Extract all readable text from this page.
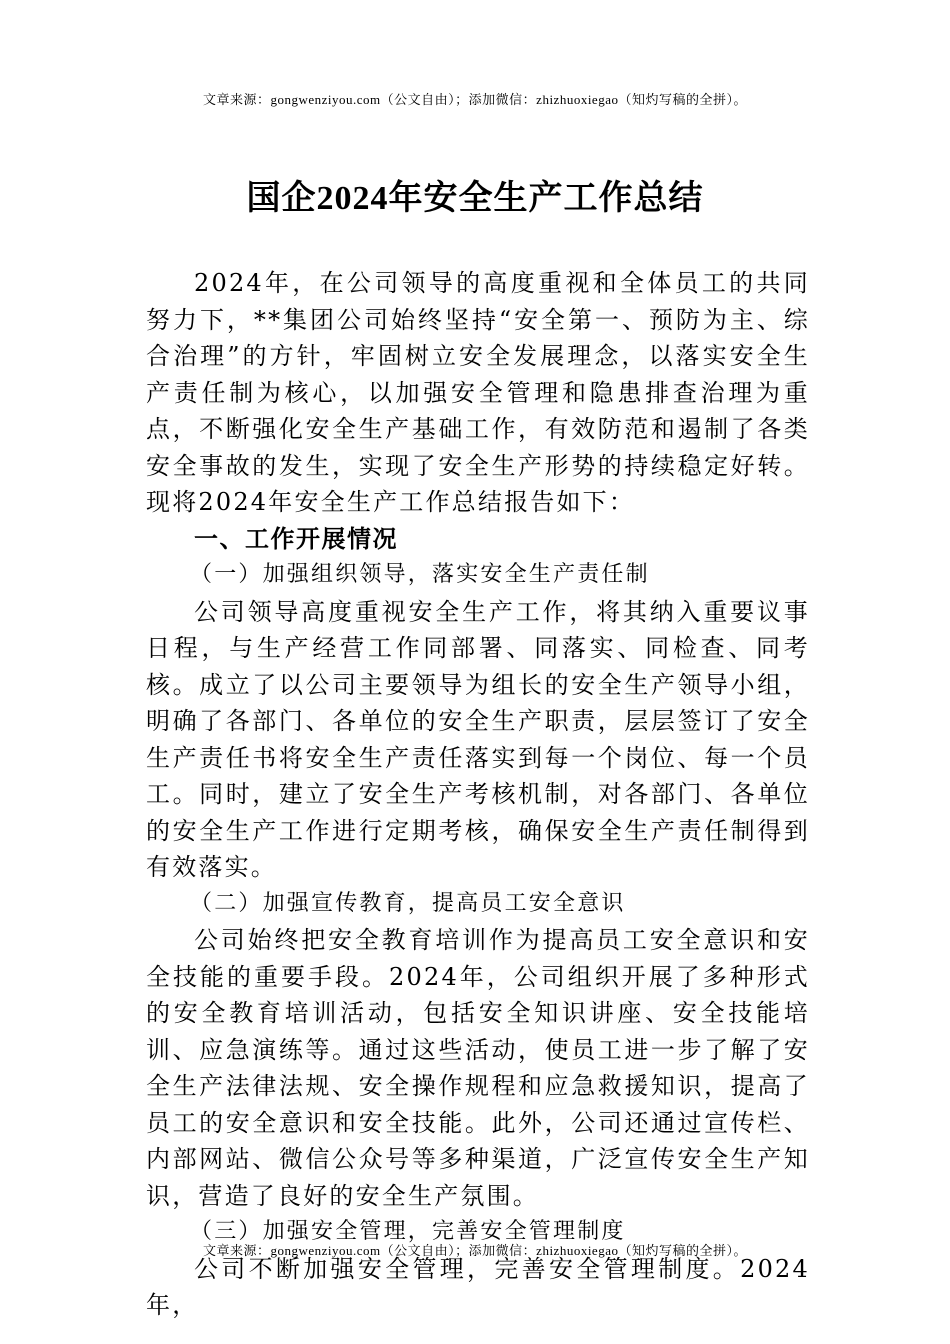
文章来源：gongwenziyou.com（公文自由）；添加微信：zhizhuoxiegao（知灼写稿的全拼）。
国企2024年安全生产工作总结

2024年，在公司领导的高度重视和全体员工的共同努力下，**集团公司始终坚持“安全第一、预防为主、综合治理”的方针，牢固树立安全发展理念，以落实安全生产责任制为核心，以加强安全管理和隐患排查治理为重点，不断强化安全生产基础工作，有效防范和遏制了各类安全事故的发生，实现了安全生产形势的持续稳定好转。现将2024年安全生产工作总结报告如下：

一、工作开展情况

（一）加强组织领导，落实安全生产责任制

公司领导高度重视安全生产工作，将其纳入重要议事日程，与生产经营工作同部署、同落实、同检查、同考核。成立了以公司主要领导为组长的安全生产领导小组，明确了各部门、各单位的安全生产职责，层层签订了安全生产责任书将安全生产责任落实到每一个岗位、每一个员工。同时，建立了安全生产考核机制，对各部门、各单位的安全生产工作进行定期考核，确保安全生产责任制得到有效落实。

（二）加强宣传教育，提高员工安全意识

公司始终把安全教育培训作为提高员工安全意识和安全技能的重要手段。2024年，公司组织开展了多种形式的安全教育培训活动，包括安全知识讲座、安全技能培训、应急演练等。通过这些活动，使员工进一步了解了安全生产法律法规、安全操作规程和应急救援知识，提高了员工的安全意识和安全技能。此外，公司还通过宣传栏、内部网站、微信公众号等多种渠道，广泛宣传安全生产知识，营造了良好的安全生产氛围。

（三）加强安全管理，完善安全管理制度

公司不断加强安全管理，完善安全管理制度。2024年，

文章来源：gongwenziyou.com（公文自由）；添加微信：zhizhuoxiegao（知灼写稿的全拼）。
